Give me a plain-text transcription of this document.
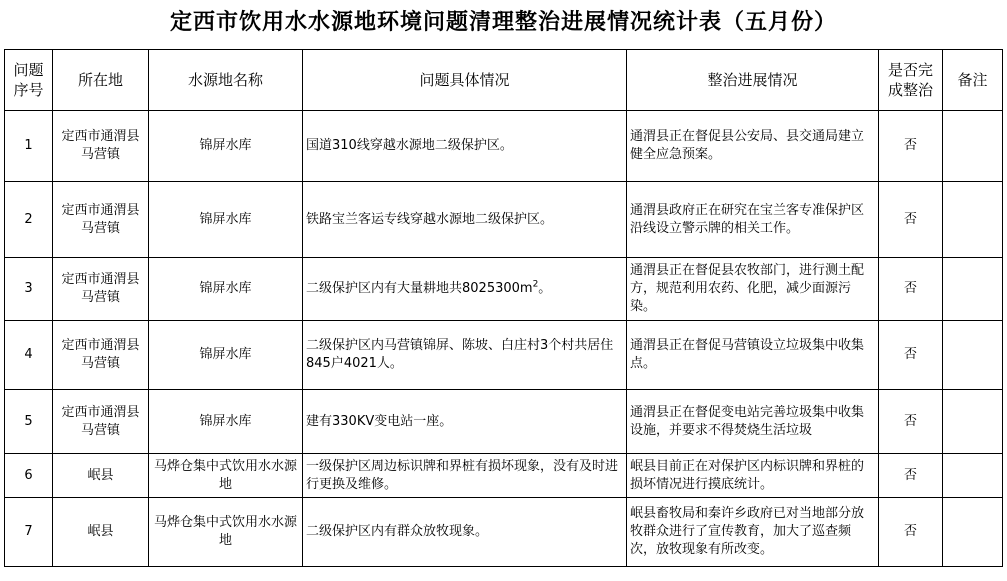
定西市饮用水水源地环境问题清理整治进展情况统计表（五月份）
问题序号	所在地	水源地名称	问题具体情况	整治进展情况	是否完成整治	备注
1	定西市通渭县马营镇	锦屏水库	国道310线穿越水源地二级保护区。	通渭县正在督促县公安局、县交通局建立健全应急预案。	否	
2	定西市通渭县马营镇	锦屏水库	铁路宝兰客运专线穿越水源地二级保护区。	通渭县政府正在研究在宝兰客专准保护区沿线设立警示牌的相关工作。	否	
3	定西市通渭县马营镇	锦屏水库	二级保护区内有大量耕地共$8025300m^2$。	通渭县正在督促县农牧部门，进行测土配方，规范利用农药、化肥，减少面源污染。	否	
4	定西市通渭县马营镇	锦屏水库	二级保护区内马营镇锦屏、陈坡、白庄村3个村共居住845户4021人。	通渭县正在督促马营镇设立垃圾集中收集点。	否	
5	定西市通渭县马营镇	锦屏水库	建有330KV变电站一座。	通渭县正在督促变电站完善垃圾集中收集设施，并要求不得焚烧生活垃圾	否	
6	岷县	马烨仓集中式饮用水水源地	一级保护区周边标识牌和界桩有损坏现象，没有及时进行更换及维修。	岷县目前正在对保护区内标识牌和界桩的损坏情况进行摸底统计。	否	
7	岷县	马烨仓集中式饮用水水源地	二级保护区内有群众放牧现象。	岷县畜牧局和秦许乡政府已对当地部分放牧群众进行了宣传教育，加大了巡查频次，放牧现象有所改变。	否	
